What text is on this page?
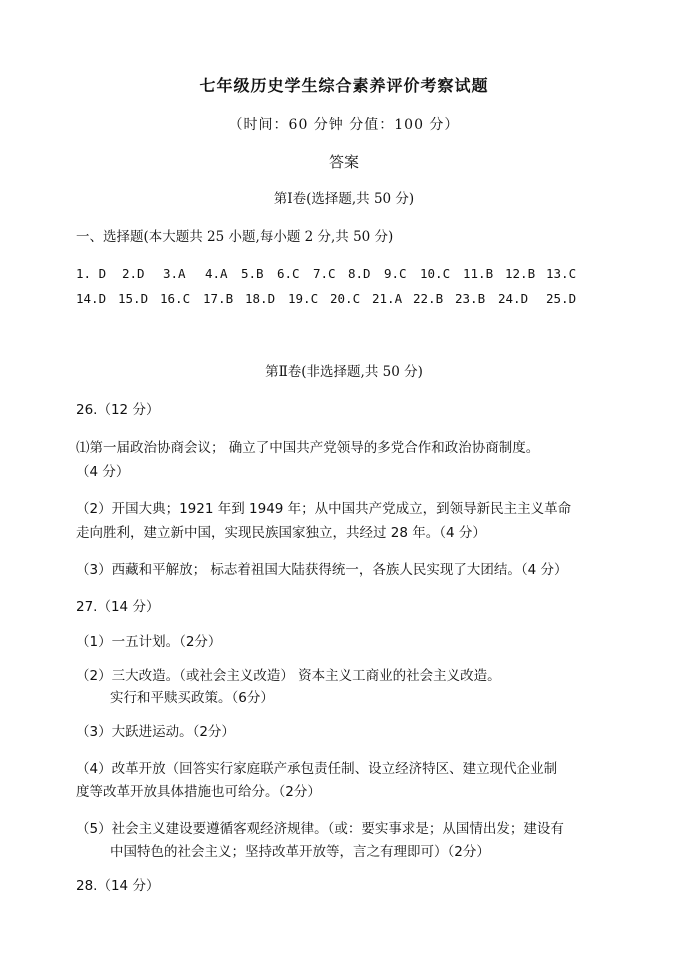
七年级历史学生综合素养评价考察试题
（时间：60 分钟 分值：100 分）
答案
第Ⅰ卷(选择题,共 50 分)
一、选择题(本大题共 25 小题,每小题 2 分,共 50 分)
1. D 2.D 3.A 4.A 5.B 6.C 7.C 8.D 9.C 10.C 11.B 12.B 13.C
14.D 15.D 16.C 17.B 18.D 19.C 20.C 21.A 22.B 23.B 24.D 25.D
第Ⅱ卷(非选择题,共 50 分)
26.（12 分）
⑴第一届政治协商会议； 确立了中国共产党领导的多党合作和政治协商制度。
（4 分）
（2）开国大典；1921 年到 1949 年；从中国共产党成立，到领导新民主主义革命
走向胜利，建立新中国，实现民族国家独立，共经过 28 年。（4 分）
（3）西藏和平解放； 标志着祖国大陆获得统一，各族人民实现了大团结。（4 分）
27.（14 分）
（1）一五计划。（2分）
（2）三大改造。（或社会主义改造） 资本主义工商业的社会主义改造。
实行和平赎买政策。（6分）
（3）大跃进运动。（2分）
（4）改革开放（回答实行家庭联产承包责任制、设立经济特区、建立现代企业制
度等改革开放具体措施也可给分。（2分）
（5）社会主义建设要遵循客观经济规律。（或：要实事求是；从国情出发；建设有
中国特色的社会主义；坚持改革开放等，言之有理即可）（2分）
28.（14 分）
